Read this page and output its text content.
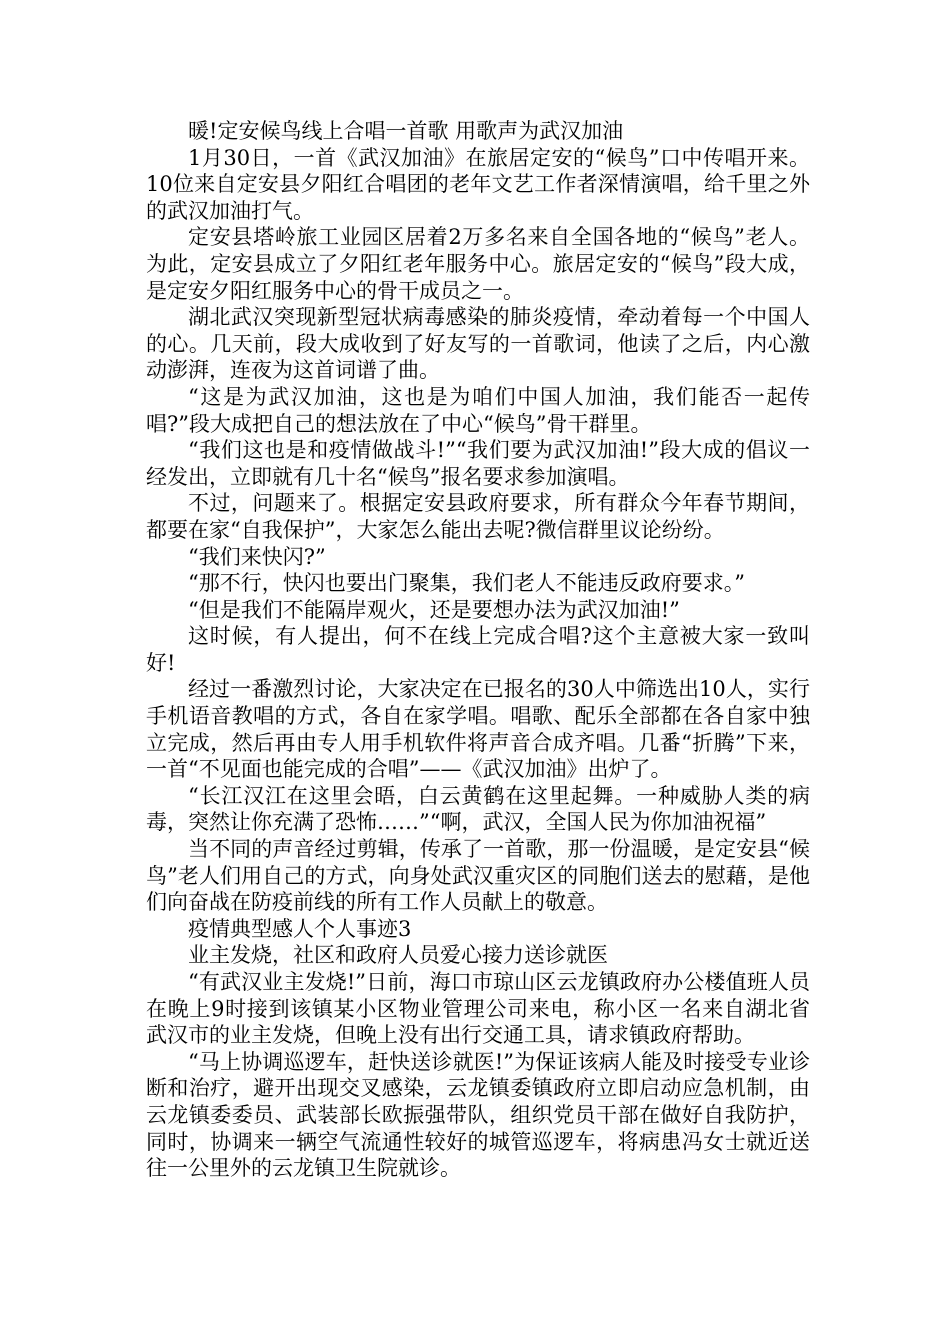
暖!定安候鸟线上合唱一首歌 用歌声为武汉加油

1月30日，一首《武汉加油》在旅居定安的“候鸟”口中传唱开来。10位来自定安县夕阳红合唱团的老年文艺工作者深情演唱，给千里之外的武汉加油打气。

定安县塔岭旅工业园区居着2万多名来自全国各地的“候鸟”老人。为此，定安县成立了夕阳红老年服务中心。旅居定安的“候鸟”段大成，是定安夕阳红服务中心的骨干成员之一。

湖北武汉突现新型冠状病毒感染的肺炎疫情，牵动着每一个中国人的心。几天前，段大成收到了好友写的一首歌词，他读了之后，内心激动澎湃，连夜为这首词谱了曲。

“这是为武汉加油，这也是为咱们中国人加油，我们能否一起传唱?”段大成把自己的想法放在了中心“候鸟”骨干群里。

“我们这也是和疫情做战斗!”“我们要为武汉加油!”段大成的倡议一经发出，立即就有几十名“候鸟”报名要求参加演唱。

不过，问题来了。根据定安县政府要求，所有群众今年春节期间，都要在家“自我保护”，大家怎么能出去呢?微信群里议论纷纷。

“我们来快闪?”

“那不行，快闪也要出门聚集，我们老人不能违反政府要求。”

“但是我们不能隔岸观火，还是要想办法为武汉加油!”

这时候，有人提出，何不在线上完成合唱?这个主意被大家一致叫好!

经过一番激烈讨论，大家决定在已报名的30人中筛选出10人，实行手机语音教唱的方式，各自在家学唱。唱歌、配乐全部都在各自家中独立完成，然后再由专人用手机软件将声音合成齐唱。几番“折腾”下来，一首“不见面也能完成的合唱”——《武汉加油》出炉了。

“长江汉江在这里会晤，白云黄鹤在这里起舞。一种威胁人类的病毒，突然让你充满了恐怖……”“啊，武汉，全国人民为你加油祝福”

当不同的声音经过剪辑，传承了一首歌，那一份温暖，是定安县“候鸟”老人们用自己的方式，向身处武汉重灾区的同胞们送去的慰藉，是他们向奋战在防疫前线的所有工作人员献上的敬意。

疫情典型感人个人事迹3

业主发烧，社区和政府人员爱心接力送诊就医

“有武汉业主发烧!”日前，海口市琼山区云龙镇政府办公楼值班人员在晚上9时接到该镇某小区物业管理公司来电，称小区一名来自湖北省武汉市的业主发烧，但晚上没有出行交通工具，请求镇政府帮助。

“马上协调巡逻车，赶快送诊就医!”为保证该病人能及时接受专业诊断和治疗，避开出现交叉感染，云龙镇委镇政府立即启动应急机制，由云龙镇委委员、武装部长欧振强带队，组织党员干部在做好自我防护，同时，协调来一辆空气流通性较好的城管巡逻车，将病患冯女士就近送往一公里外的云龙镇卫生院就诊。
